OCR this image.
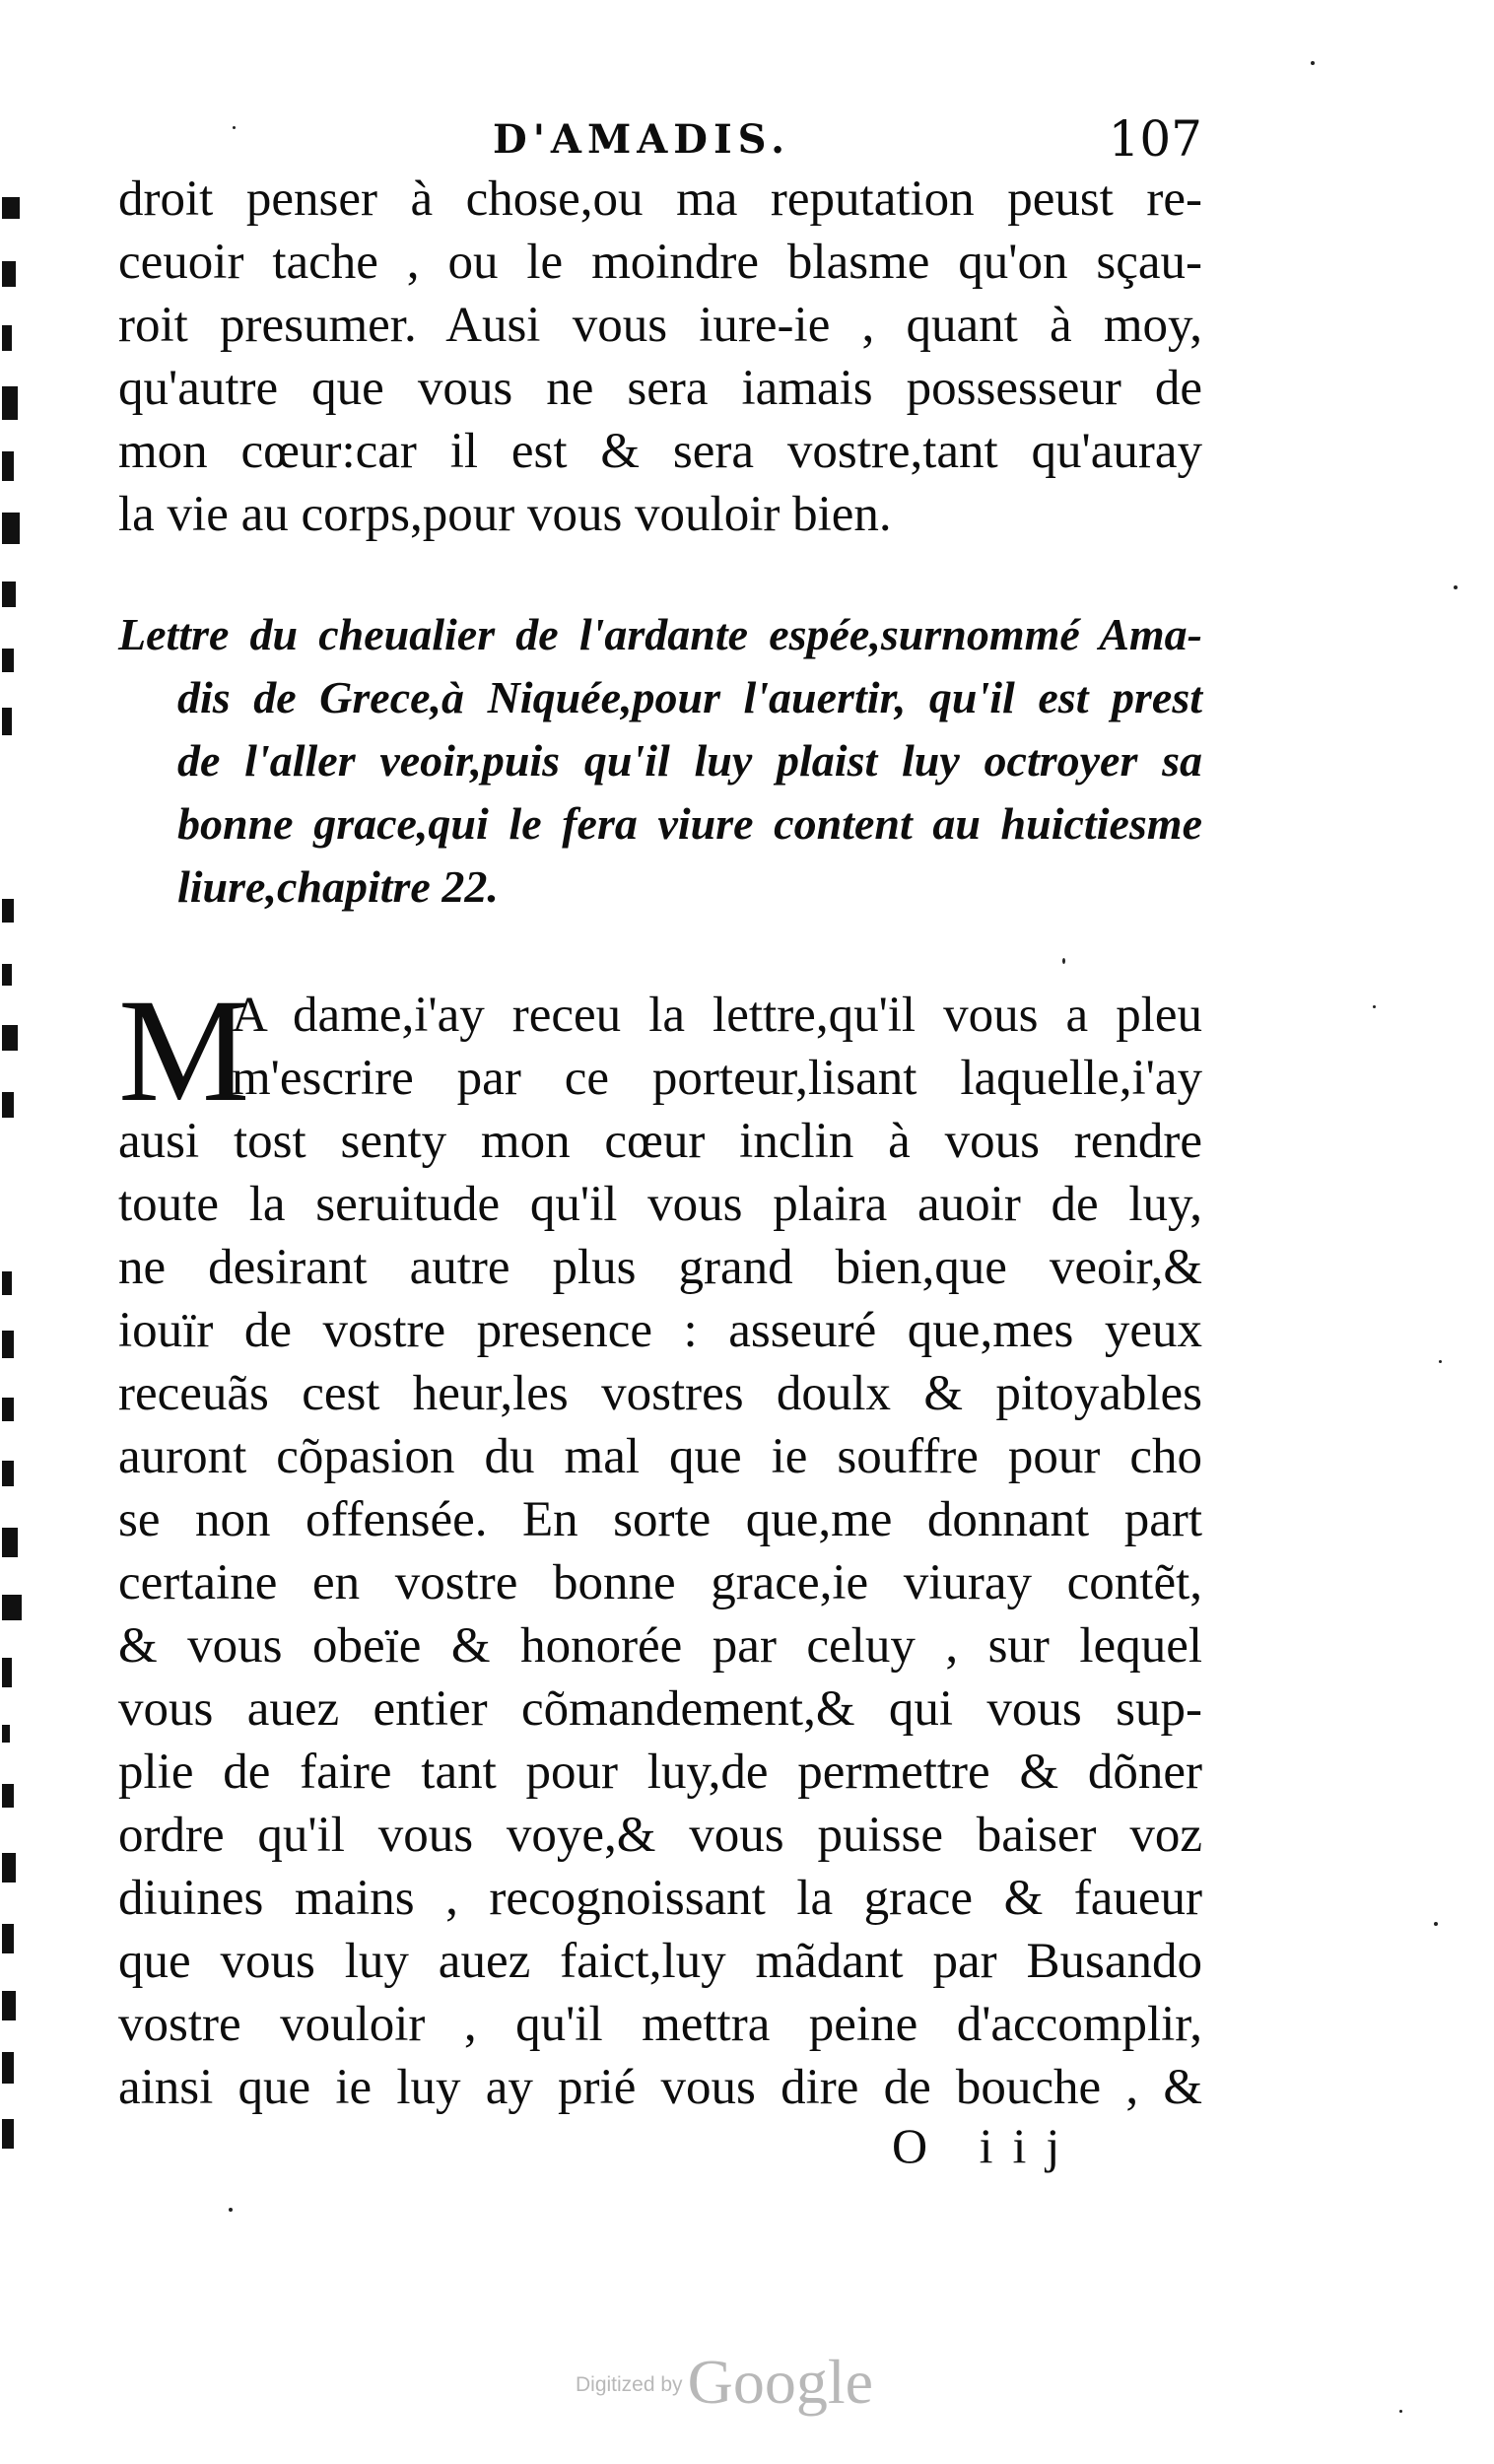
D'AMADIS.	107
droit penser à chose,ou ma reputation peust re-
ceuoir tache , ou le moindre blasme qu'on sçau-
roit presumer. Ausi vous iure-ie , quant à moy,
qu'autre que vous ne sera iamais possesseur de
mon cœur:car il est & sera vostre,tant qu'auray
la vie au corps,pour vous vouloir bien.
Lettre du cheualier de l'ardante espée,surnommé Ama-
dis de Grece,à Niquée,pour l'auertir, qu'il est prest
de l'aller veoir,puis qu'il luy plaist luy octroyer sa
bonne grace,qui le fera viure content au huictiesme
liure,chapitre 22.
M
A dame,i'ay receu la lettre,qu'il vous a pleu
m'escrire par ce porteur,lisant laquelle,i'ay
ausi tost senty mon cœur inclin à vous rendre
toute la seruitude qu'il vous plaira auoir de luy,
ne desirant autre plus grand bien,que veoir,&
iouïr de vostre presence : asseuré que,mes yeux
receuãs cest heur,les vostres doulx & pitoyables
auront cõpasion du mal que ie souffre pour cho
se non offensée. En sorte que,me donnant part
certaine en vostre bonne grace,ie viuray contẽt,
& vous obeïe & honorée par celuy , sur lequel
vous auez entier cõmandement,& qui vous sup-
plie de faire tant pour luy,de permettre & dõner
ordre qu'il vous voye,& vous puisse baiser voz
diuines mains , recognoissant la grace & faueur
que vous luy auez faict,luy mãdant par Busando
vostre vouloir , qu'il mettra peine d'accomplir,
ainsi que ie luy ay prié vous dire de bouche , &
O iij
Digitized by Google
